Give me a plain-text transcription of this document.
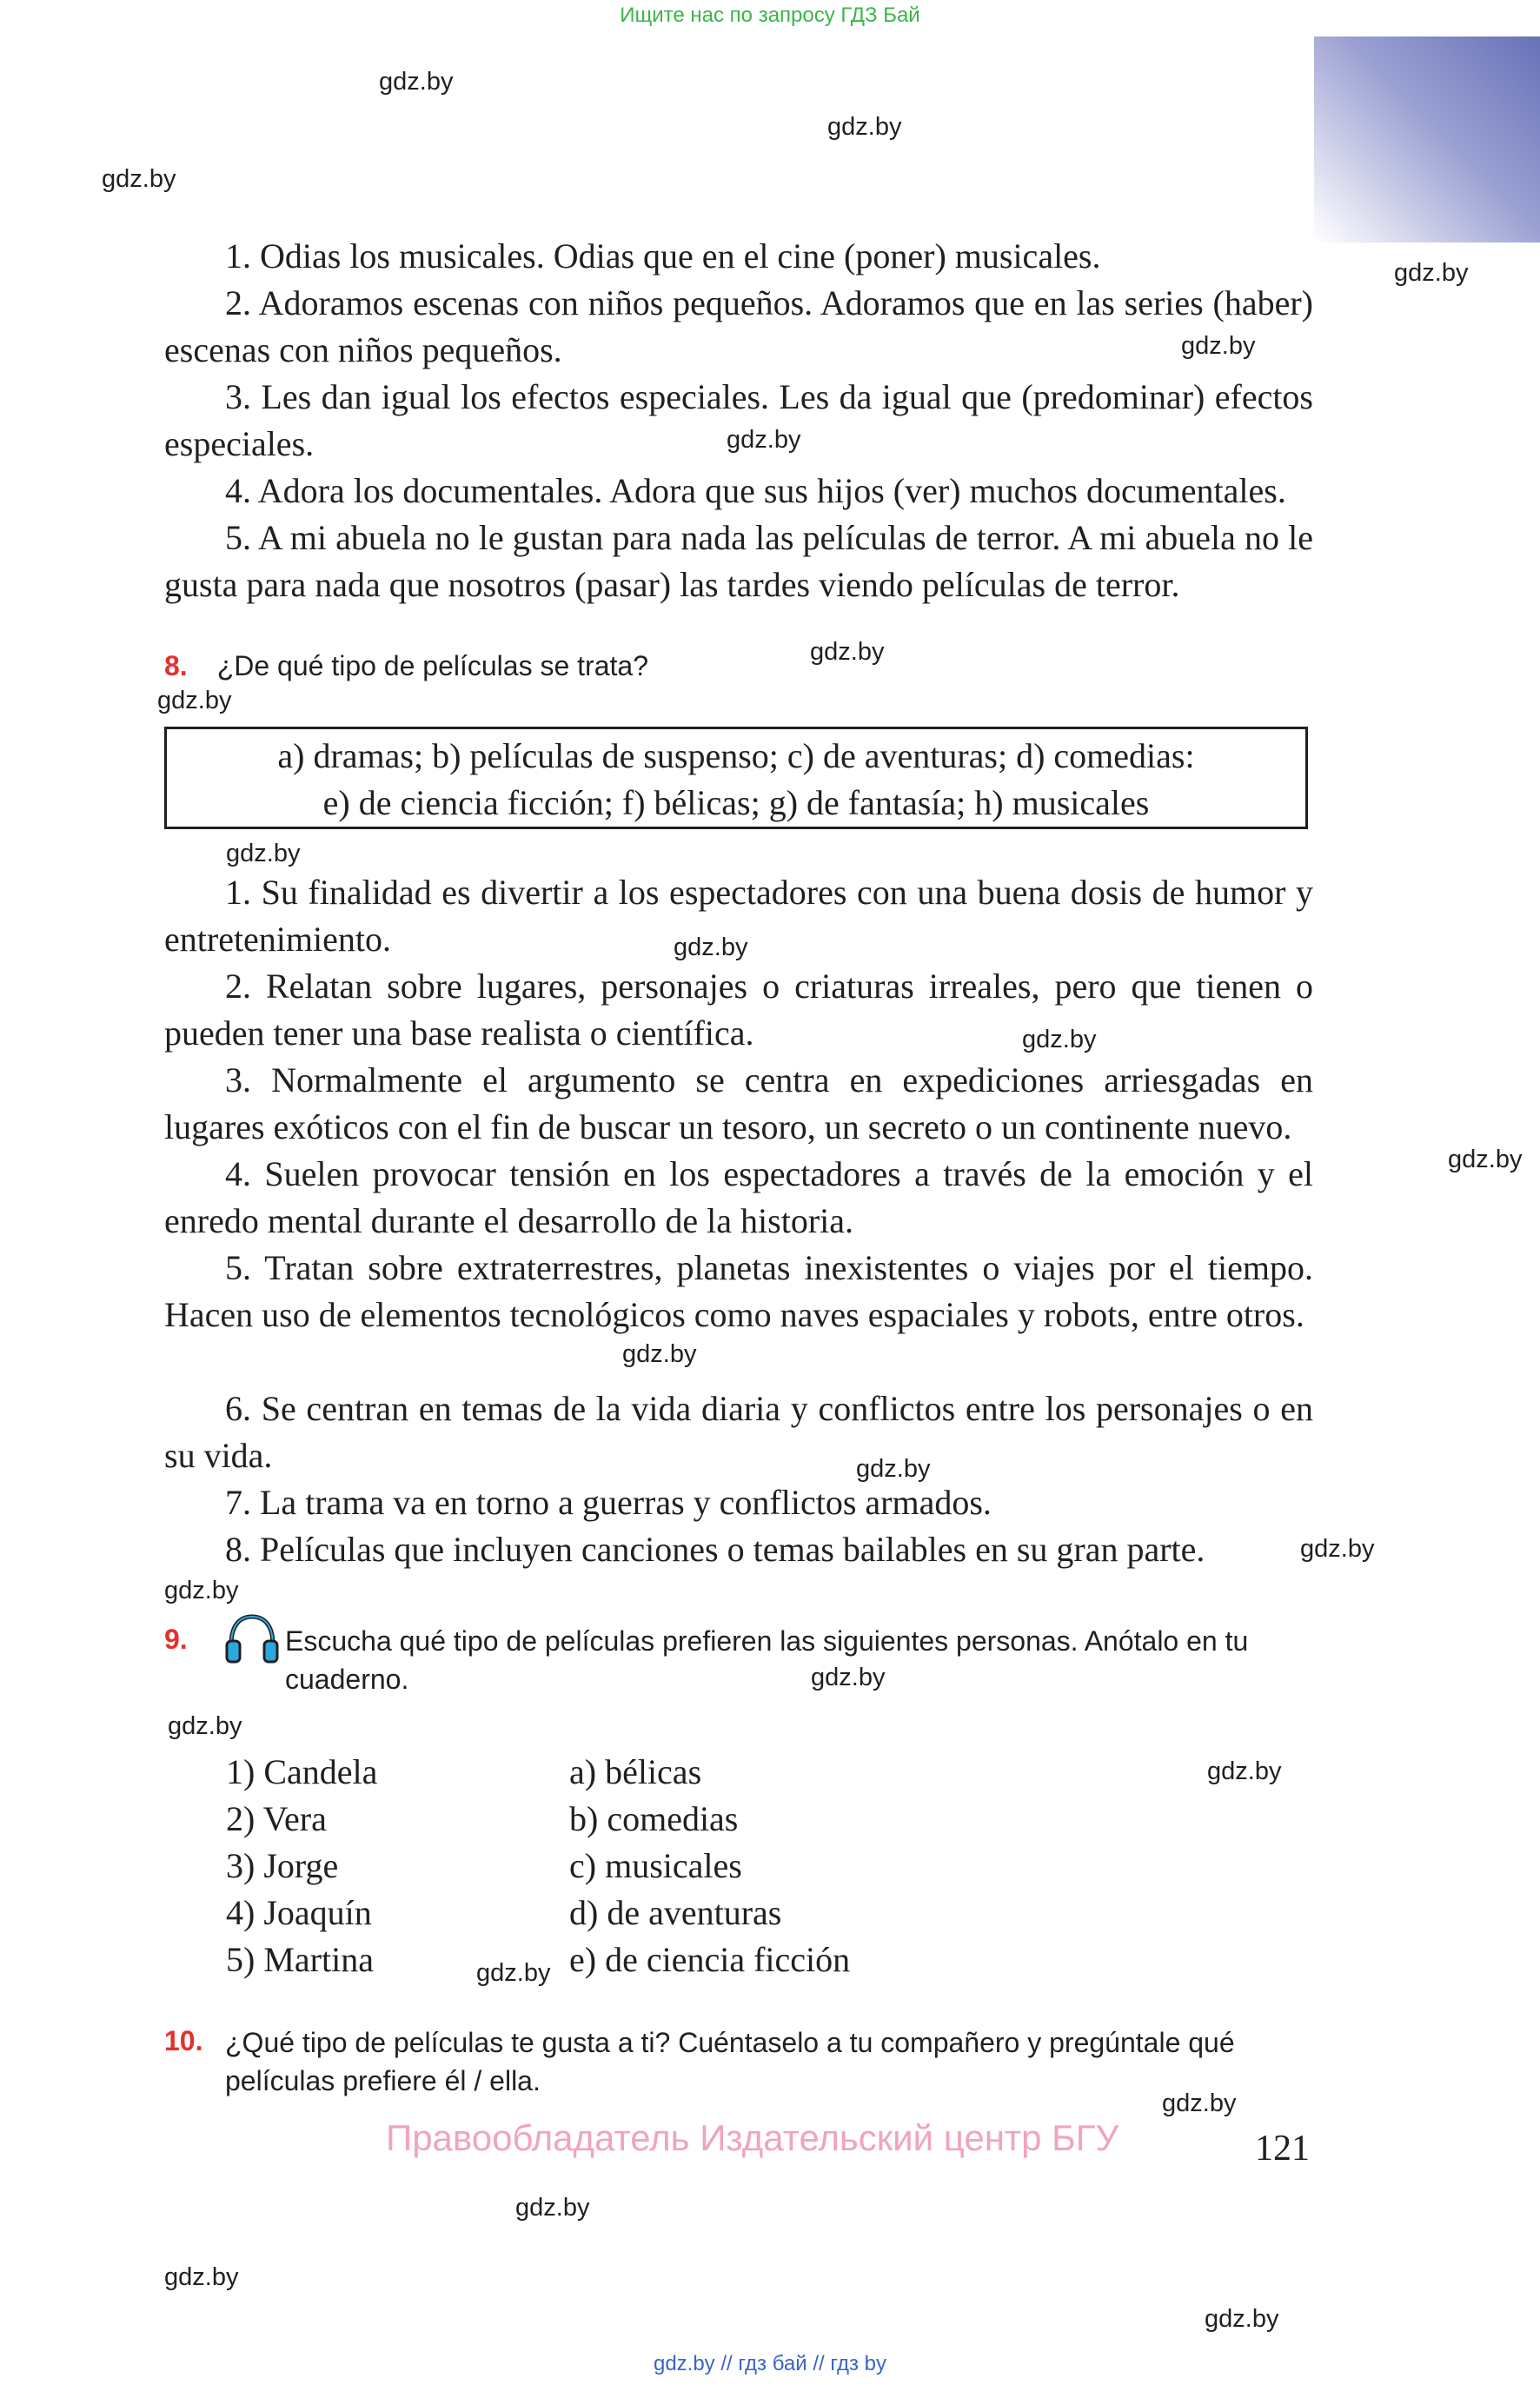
Ищите нас по запросу ГДЗ Бай
gdz.by
gdz.by
gdz.by
gdz.by
gdz.by
gdz.by
gdz.by
gdz.by
gdz.by
gdz.by
gdz.by
gdz.by
gdz.by
gdz.by
gdz.by
gdz.by
gdz.by
gdz.by
gdz.by
gdz.by
gdz.by
gdz.by
gdz.by
gdz.by
1. Odias los musicales. Odias que en el cine (poner) musicales.
2. Adoramos escenas con niños pequeños. Adoramos que en las series (haber) escenas con niños pequeños.
3. Les dan igual los efectos especiales. Les da igual que (predominar) efectos especiales.
4. Adora los documentales. Adora que sus hijos (ver) muchos documentales.
5. A mi abuela no le gustan para nada las películas de terror. A mi abuela no le gusta para nada que nosotros (pasar) las tardes viendo películas de terror.
8. ¿De qué tipo de películas se trata?
a) dramas; b) películas de suspenso; c) de aventuras; d) comedias:
e) de ciencia ficción; f) bélicas; g) de fantasía; h) musicales
1. Su finalidad es divertir a los espectadores con una buena dosis de humor y entretenimiento.
2. Relatan sobre lugares, personajes o criaturas irreales, pero que tienen o pueden tener una base realista o científica.
3. Normalmente el argumento se centra en expediciones arriesgadas en lugares exóticos con el fin de buscar un tesoro, un secreto o un continente nuevo.
4. Suelen provocar tensión en los espectadores a través de la emoción y el enredo mental durante el desarrollo de la historia.
5. Tratan sobre extraterrestres, planetas inexistentes o viajes por el tiempo. Hacen uso de elementos tecnológicos como naves espaciales y robots, entre otros.
6. Se centran en temas de la vida diaria y conflictos entre los personajes o en su vida.
7. La trama va en torno a guerras y conflictos armados.
8. Películas que incluyen canciones o temas bailables en su gran parte.
9.	Escucha qué tipo de películas prefieren las siguientes personas. Anótalo en tu cuaderno.
1) Candela
2) Vera
3) Jorge
4) Joaquín
5) Martina
a) bélicas
b) comedias
c) musicales
d) de aventuras
e) de ciencia ficción
10. ¿Qué tipo de películas te gusta a ti? Cuéntaselo a tu compañero y pregúntale qué películas prefiere él / ella.
Правообладатель Издательский центр БГУ	121
gdz.by // гдз бай // гдз by
